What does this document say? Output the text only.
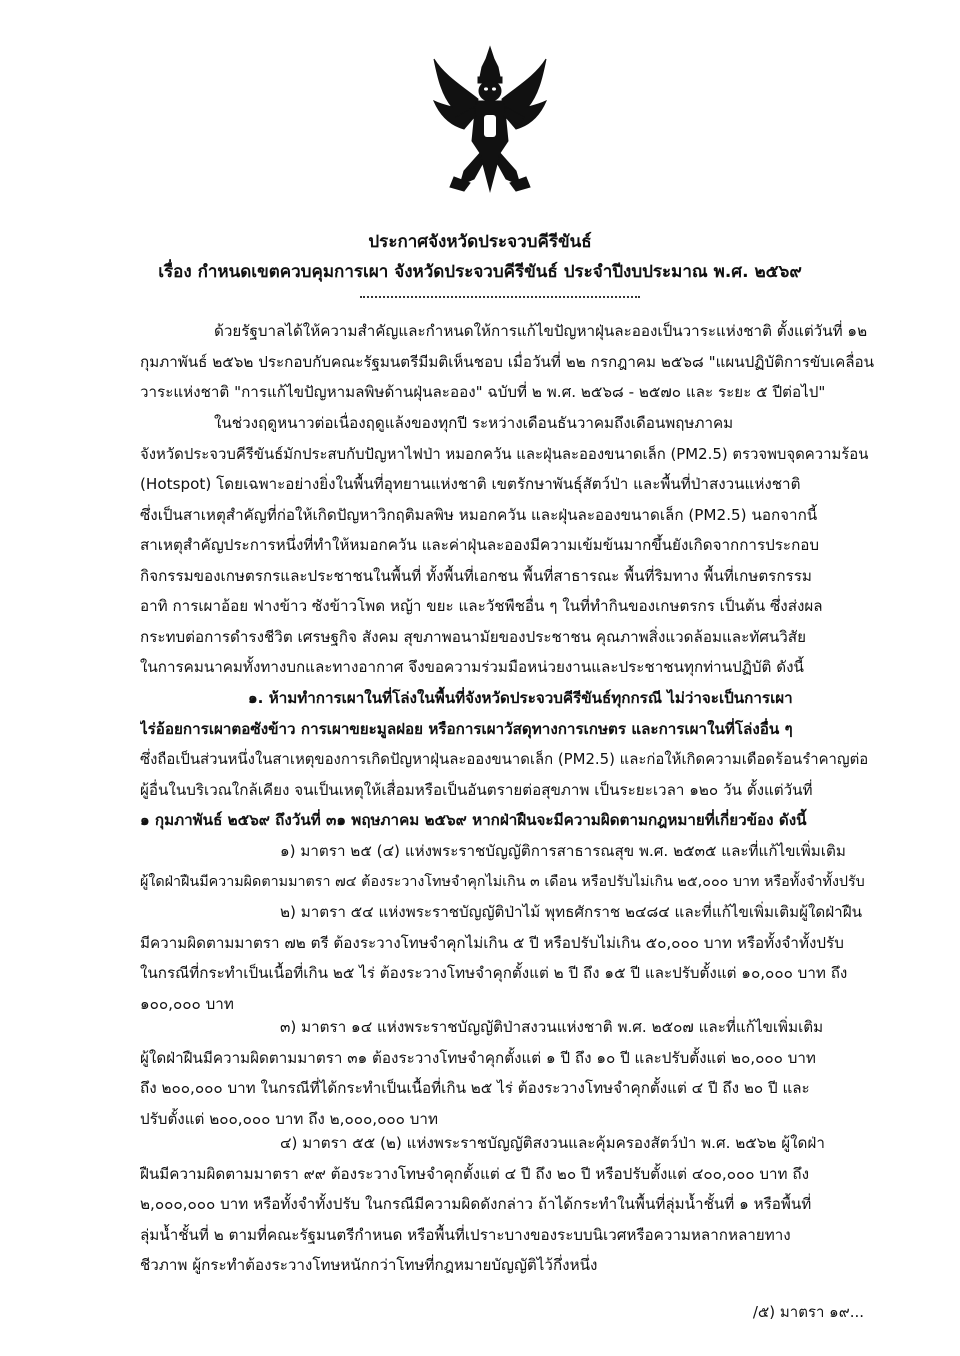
ประกาศจังหวัดประจวบคีรีขันธ์
เรื่อง กำหนดเขตควบคุมการเผา จังหวัดประจวบคีรีขันธ์ ประจำปีงบประมาณ พ.ศ. ๒๕๖๙
ด้วยรัฐบาลได้ให้ความสำคัญและกำหนดให้การแก้ไขปัญหาฝุ่นละอองเป็นวาระแห่งชาติ ตั้งแต่วันที่ ๑๒
กุมภาพันธ์ ๒๕๖๒ ประกอบกับคณะรัฐมนตรีมีมติเห็นชอบ เมื่อวันที่ ๒๒ กรกฎาคม ๒๕๖๘ "แผนปฏิบัติการขับเคลื่อน
วาระแห่งชาติ "การแก้ไขปัญหามลพิษด้านฝุ่นละออง" ฉบับที่ ๒ พ.ศ. ๒๕๖๘ - ๒๕๗๐ และ ระยะ ๕ ปีต่อไป"
ในช่วงฤดูหนาวต่อเนื่องฤดูแล้งของทุกปี ระหว่างเดือนธันวาคมถึงเดือนพฤษภาคม
จังหวัดประจวบคีรีขันธ์มักประสบกับปัญหาไฟป่า หมอกควัน และฝุ่นละอองขนาดเล็ก (PM2.5) ตรวจพบจุดความร้อน
(Hotspot) โดยเฉพาะอย่างยิ่งในพื้นที่อุทยานแห่งชาติ เขตรักษาพันธุ์สัตว์ป่า และพื้นที่ป่าสงวนแห่งชาติ
ซึ่งเป็นสาเหตุสำคัญที่ก่อให้เกิดปัญหาวิกฤติมลพิษ หมอกควัน และฝุ่นละอองขนาดเล็ก (PM2.5) นอกจากนี้
สาเหตุสำคัญประการหนึ่งที่ทำให้หมอกควัน และค่าฝุ่นละอองมีความเข้มข้นมากขึ้นยังเกิดจากการประกอบ
กิจกรรมของเกษตรกรและประชาชนในพื้นที่ ทั้งพื้นที่เอกชน พื้นที่สาธารณะ พื้นที่ริมทาง พื้นที่เกษตรกรรม
อาทิ การเผาอ้อย ฟางข้าว ซังข้าวโพด หญ้า ขยะ และวัชพืชอื่น ๆ ในที่ทำกินของเกษตรกร เป็นต้น ซึ่งส่งผล
กระทบต่อการดำรงชีวิต เศรษฐกิจ สังคม สุขภาพอนามัยของประชาชน คุณภาพสิ่งแวดล้อมและทัศนวิสัย
ในการคมนาคมทั้งทางบกและทางอากาศ จึงขอความร่วมมือหน่วยงานและประชาชนทุกท่านปฏิบัติ ดังนี้
๑. ห้ามทำการเผาในที่โล่งในพื้นที่จังหวัดประจวบคีรีขันธ์ทุกกรณี ไม่ว่าจะเป็นการเผา
ไร่อ้อยการเผาตอซังข้าว การเผาขยะมูลฝอย หรือการเผาวัสดุทางการเกษตร และการเผาในที่โล่งอื่น ๆ
ซึ่งถือเป็นส่วนหนึ่งในสาเหตุของการเกิดปัญหาฝุ่นละอองขนาดเล็ก (PM2.5) และก่อให้เกิดความเดือดร้อนรำคาญต่อ
ผู้อื่นในบริเวณใกล้เคียง จนเป็นเหตุให้เสื่อมหรือเป็นอันตรายต่อสุขภาพ เป็นระยะเวลา ๑๒๐ วัน ตั้งแต่วันที่
๑ กุมภาพันธ์ ๒๕๖๙ ถึงวันที่ ๓๑ พฤษภาคม ๒๕๖๙ หากฝ่าฝืนจะมีความผิดตามกฎหมายที่เกี่ยวข้อง ดังนี้
๑) มาตรา ๒๕ (๔) แห่งพระราชบัญญัติการสาธารณสุข พ.ศ. ๒๕๓๕ และที่แก้ไขเพิ่มเติม
ผู้ใดฝ่าฝืนมีความผิดตามมาตรา ๗๔ ต้องระวางโทษจำคุกไม่เกิน ๓ เดือน หรือปรับไม่เกิน ๒๕,๐๐๐ บาท หรือทั้งจำทั้งปรับ
๒) มาตรา ๕๔ แห่งพระราชบัญญัติป่าไม้ พุทธศักราช ๒๔๘๔ และที่แก้ไขเพิ่มเติมผู้ใดฝ่าฝืน
มีความผิดตามมาตรา ๗๒ ตรี ต้องระวางโทษจำคุกไม่เกิน ๕ ปี หรือปรับไม่เกิน ๕๐,๐๐๐ บาท หรือทั้งจำทั้งปรับ
ในกรณีที่กระทำเป็นเนื้อที่เกิน ๒๕ ไร่ ต้องระวางโทษจำคุกตั้งแต่ ๒ ปี ถึง ๑๕ ปี และปรับตั้งแต่ ๑๐,๐๐๐ บาท ถึง
๑๐๐,๐๐๐ บาท
๓) มาตรา ๑๔ แห่งพระราชบัญญัติป่าสงวนแห่งชาติ พ.ศ. ๒๕๐๗ และที่แก้ไขเพิ่มเติม
ผู้ใดฝ่าฝืนมีความผิดตามมาตรา ๓๑ ต้องระวางโทษจำคุกตั้งแต่ ๑ ปี ถึง ๑๐ ปี และปรับตั้งแต่ ๒๐,๐๐๐ บาท
ถึง ๒๐๐,๐๐๐ บาท ในกรณีที่ได้กระทำเป็นเนื้อที่เกิน ๒๕ ไร่ ต้องระวางโทษจำคุกตั้งแต่ ๔ ปี ถึง ๒๐ ปี และ
ปรับตั้งแต่ ๒๐๐,๐๐๐ บาท ถึง ๒,๐๐๐,๐๐๐ บาท
๔) มาตรา ๕๕ (๒) แห่งพระราชบัญญัติสงวนและคุ้มครองสัตว์ป่า พ.ศ. ๒๕๖๒ ผู้ใดฝ่า
ฝืนมีความผิดตามมาตรา ๙๙ ต้องระวางโทษจำคุกตั้งแต่ ๔ ปี ถึง ๒๐ ปี หรือปรับตั้งแต่ ๔๐๐,๐๐๐ บาท ถึง
๒,๐๐๐,๐๐๐ บาท หรือทั้งจำทั้งปรับ ในกรณีมีความผิดดังกล่าว ถ้าได้กระทำในพื้นที่ลุ่มน้ำชั้นที่ ๑ หรือพื้นที่
ลุ่มน้ำชั้นที่ ๒ ตามที่คณะรัฐมนตรีกำหนด หรือพื้นที่เปราะบางของระบบนิเวศหรือความหลากหลายทาง
ชีวภาพ ผู้กระทำต้องระวางโทษหนักกว่าโทษที่กฎหมายบัญญัติไว้กึ่งหนึ่ง
/๕) มาตรา ๑๙...
